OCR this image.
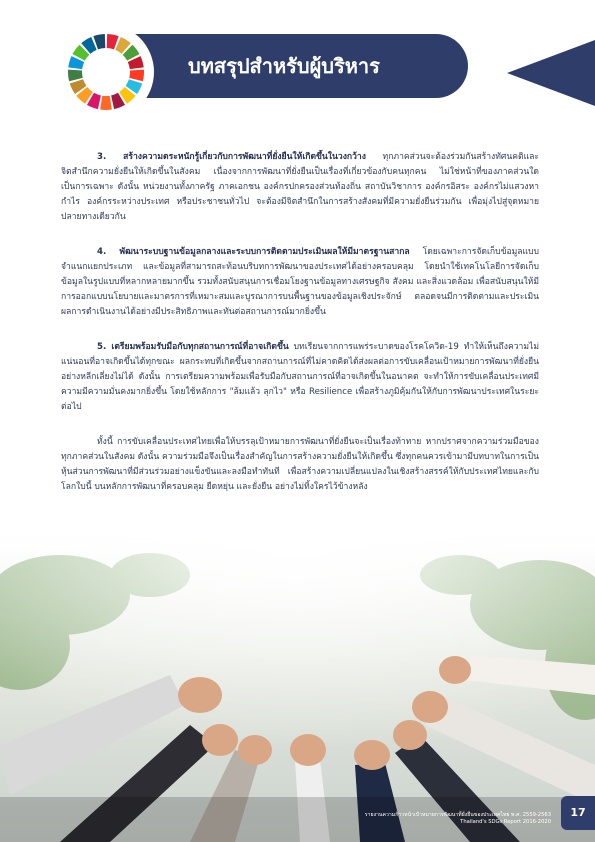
บทสรุปสำหรับผู้บริหาร

3. สร้างความตระหนักรู้เกี่ยวกับการพัฒนาที่ยั่งยืนให้เกิดขึ้นในวงกว้าง ทุกภาคส่วนจะต้องร่วมกันสร้างทัศนคติและจิตสำนึกความยั่งยืนให้เกิดขึ้นในสังคม เนื่องจากการพัฒนาที่ยั่งยืนเป็นเรื่องที่เกี่ยวข้องกับคนทุกคน ไม่ใช่หน้าที่ของภาคส่วนใดเป็นการเฉพาะ ดังนั้น หน่วยงานทั้งภาครัฐ ภาคเอกชน องค์กรปกครองส่วนท้องถิ่น สถาบันวิชาการ องค์กรอิสระ องค์กรไม่แสวงหากำไร องค์กรระหว่างประเทศ หรือประชาชนทั่วไป จะต้องมีจิตสำนึกในการสร้างสังคมที่มีความยั่งยืนร่วมกัน เพื่อมุ่งไปสู่จุดหมายปลายทางเดียวกัน

4. พัฒนาระบบฐานข้อมูลกลางและระบบการติดตามประเมินผลให้มีมาตรฐานสากล โดยเฉพาะการจัดเก็บข้อมูลแบบจำแนกแยกประเภท และข้อมูลที่สามารถสะท้อนบริบทการพัฒนาของประเทศได้อย่างครอบคลุม โดยนำใช้เทคโนโลยีการจัดเก็บข้อมูลในรูปแบบที่หลากหลายมากขึ้น รวมทั้งสนับสนุนการเชื่อมโยงฐานข้อมูลทางเศรษฐกิจ สังคม และสิ่งแวดล้อม เพื่อสนับสนุนให้มีการออกแบบนโยบายและมาตรการที่เหมาะสมและบูรณาการบนพื้นฐานของข้อมูลเชิงประจักษ์ ตลอดจนมีการติดตามและประเมินผลการดำเนินงานได้อย่างมีประสิทธิภาพและทันต่อสถานการณ์มากยิ่งขึ้น

5. เตรียมพร้อมรับมือกับทุกสถานการณ์ที่อาจเกิดขึ้น บทเรียนจากการแพร่ระบาดของโรคโควิด-19 ทำให้เห็นถึงความไม่แน่นอนที่อาจเกิดขึ้นได้ทุกขณะ ผลกระทบที่เกิดขึ้นจากสถานการณ์ที่ไม่คาดคิดได้ส่งผลต่อการขับเคลื่อนเป้าหมายการพัฒนาที่ยั่งยืนอย่างหลีกเลี่ยงไม่ได้ ดังนั้น การเตรียมความพร้อมเพื่อรับมือกับสถานการณ์ที่อาจเกิดขึ้นในอนาคต จะทำให้การขับเคลื่อนประเทศมีความมีความมั่นคงมากยิ่งขึ้น โดยใช้หลักการ "ล้มแล้ว ลุกไว" หรือ Resilience เพื่อสร้างภูมิคุ้มกันให้กับการพัฒนาประเทศในระยะต่อไป

ทั้งนี้ การขับเคลื่อนประเทศไทยเพื่อให้บรรลุเป้าหมายการพัฒนาที่ยั่งยืนจะเป็นเรื่องท้าทาย หากปราศจากความร่วมมือของทุกภาคส่วนในสังคม ดังนั้น ความร่วมมือจึงเป็นเรื่องสำคัญในการสร้างความยั่งยืนให้เกิดขึ้น ซึ่งทุกคนควรเข้ามามีบทบาทในการเป็นหุ้นส่วนการพัฒนาที่มีส่วนร่วมอย่างแข็งขันและลงมือทำทันที เพื่อสร้างความเปลี่ยนแปลงในเชิงสร้างสรรค์ให้กับประเทศไทยและกับโลกใบนี้ บนหลักการพัฒนาที่ครอบคลุม ยืดหยุ่น และยั่งยืน อย่างไม่ทิ้งใครไว้ข้างหลัง

รายงานความก้าวหน้าเป้าหมายการพัฒนาที่ยั่งยืนของประเทศไทย พ.ศ. 2559-2563
Thailand's SDGs Report 2016-2020
17
